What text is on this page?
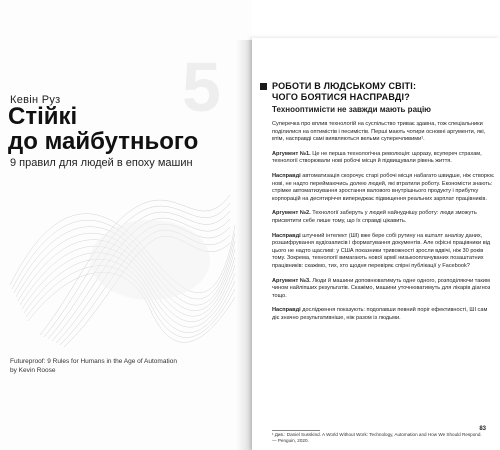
5
Кевін Руз
Стійкі
до майбутнього
9 правил для людей в епоху машин
Futureproof: 9 Rules for Humans in the Age of Automation
by Kevin Roose
РОБОТИ В ЛЮДСЬКОМУ СВІТІ:
ЧОГО БОЯТИСЯ НАСПРАВДІ?
Технооптимісти не завжди мають рацію

Суперечка про вплив технологій на суспільство триває здавна, тож спеціальники поділилися на оптимістів і песимістів. Перші мають чотири основні аргументи, які, втім, насправді самі виявляються вельми суперечливими¹.

Аргумент №1. Це не перша технологічна революція: щоразу, всупереч страхам, технології створювали нові робочі місця й підвищували рівень життя.

Насправді автоматизація скорочує старі робочі місця набагато швидше, ніж створює нові, не надто переймаючись долею людей, які втратили роботу. Економісти знають: стрімке автоматизування зростання валового внутрішнього продукту і прибутку корпорацій на десятиріччя випереджає підвищення реальних зарплат працівників.

Аргумент №2. Технології заберуть у людей найнуднішу роботу: люди зможуть присвятити себе лише тому, що їх справді цікавить.

Насправді штучний інтелект (ШІ) вже бере собі рутину на кшталт аналізу даних, розшифрування аудіозаписів і форматування документів. Але офісні працівники від цього не надто щасливі: у США показники тривожності зросли вдвічі, ніж 30 років тому. Зокрема, технології вимагають нової армії низькооплачуваних позаштатних працівників: скажімо, тих, хто щодня перевіряє спірні публікації у Facebook?

Аргумент №3. Люди й машини доповнюватимуть одне одного, розподіляючи таким чином найліпших результатів. Скажімо, машини уточнюватимуть для лікарів діагноз тощо.

Насправді дослідження показують: подолавши певний поріг ефективності, ШІ сам діє значно результативніше, ніж разом із людьми.

¹ Див.: Daniel Susskind. A World Without Work: Technology, Automation and How We Should Respond. — Penguin, 2020.
83
